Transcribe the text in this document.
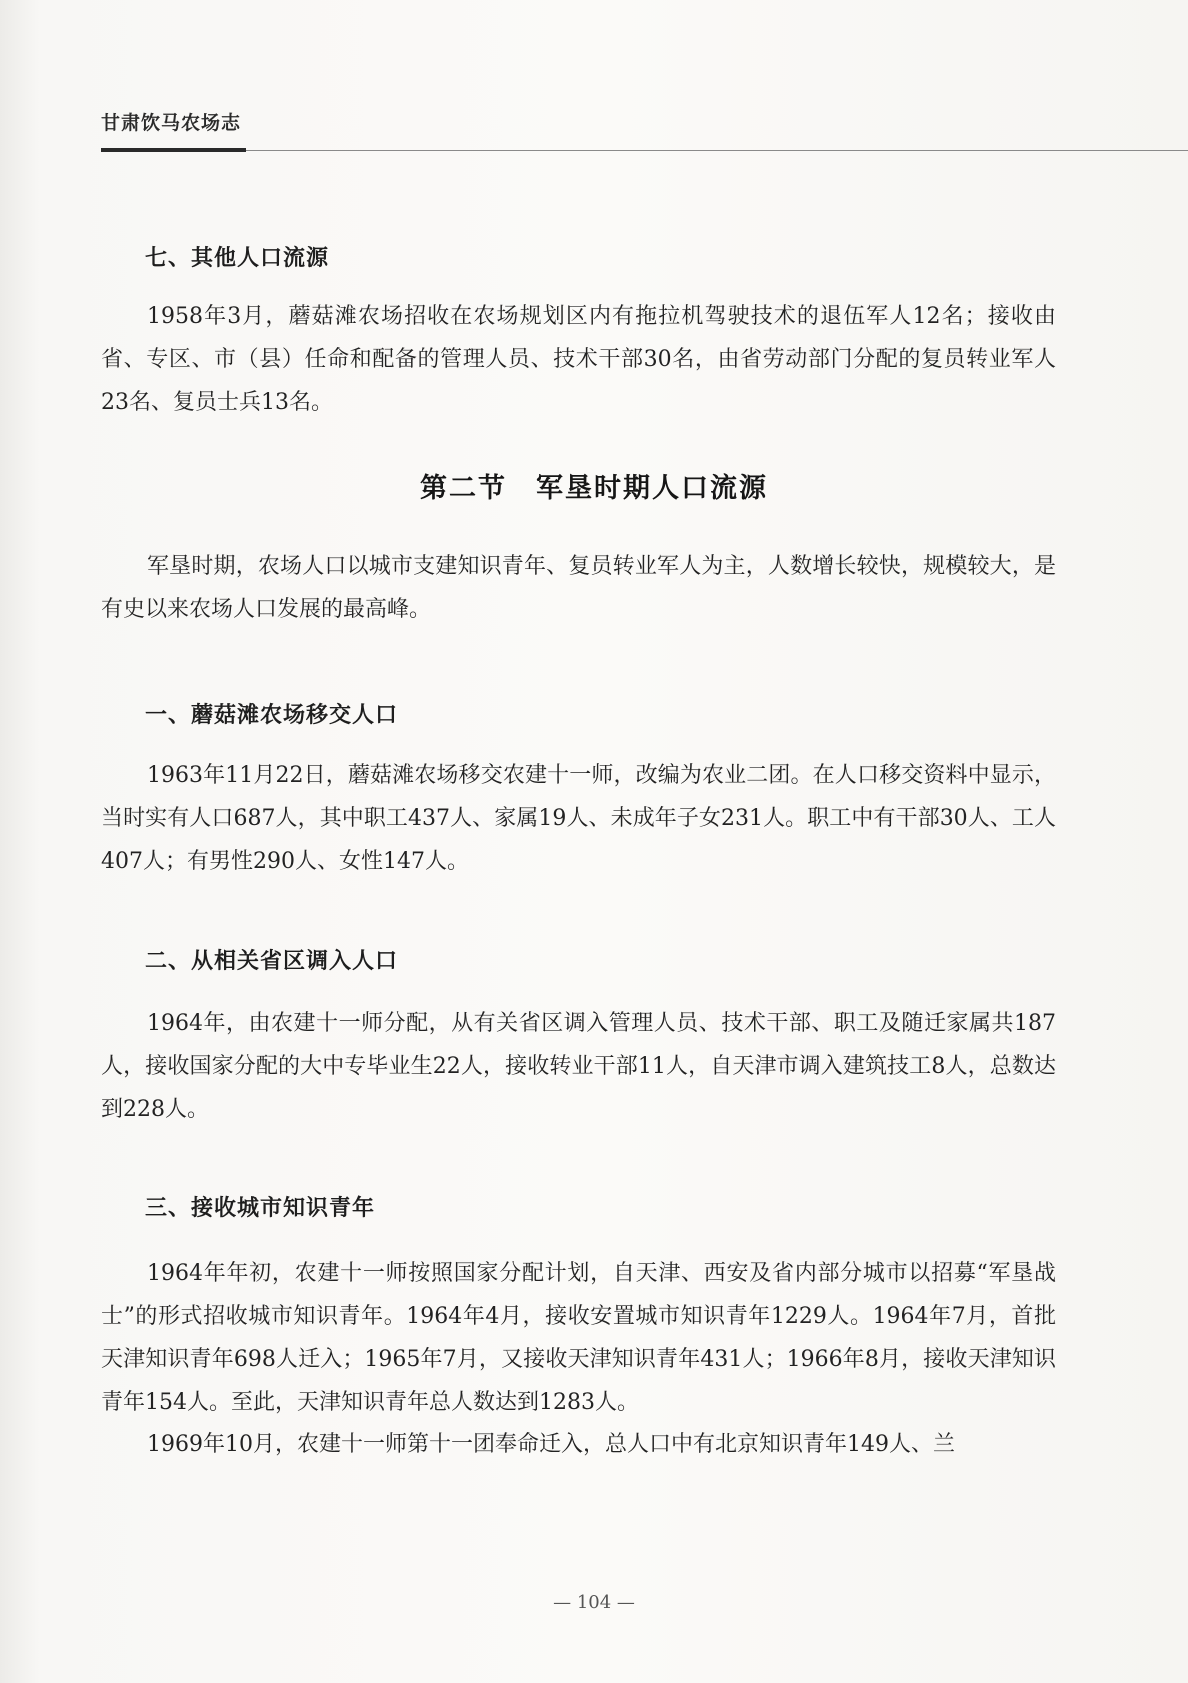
甘肃饮马农场志
七、其他人口流源
1958年3月，蘑菇滩农场招收在农场规划区内有拖拉机驾驶技术的退伍军人12名；接收由省、专区、市（县）任命和配备的管理人员、技术干部30名，由省劳动部门分配的复员转业军人23名、复员士兵13名。
第二节　军垦时期人口流源
军垦时期，农场人口以城市支建知识青年、复员转业军人为主，人数增长较快，规模较大，是有史以来农场人口发展的最高峰。
一、蘑菇滩农场移交人口
1963年11月22日，蘑菇滩农场移交农建十一师，改编为农业二团。在人口移交资料中显示，当时实有人口687人，其中职工437人、家属19人、未成年子女231人。职工中有干部30人、工人407人；有男性290人、女性147人。
二、从相关省区调入人口
1964年，由农建十一师分配，从有关省区调入管理人员、技术干部、职工及随迁家属共187人，接收国家分配的大中专毕业生22人，接收转业干部11人，自天津市调入建筑技工8人，总数达到228人。
三、接收城市知识青年
1964年年初，农建十一师按照国家分配计划，自天津、西安及省内部分城市以招募“军垦战士”的形式招收城市知识青年。1964年4月，接收安置城市知识青年1229人。1964年7月，首批天津知识青年698人迁入；1965年7月，又接收天津知识青年431人；1966年8月，接收天津知识青年154人。至此，天津知识青年总人数达到1283人。
1969年10月，农建十一师第十一团奉命迁入，总人口中有北京知识青年149人、兰
— 104 —
